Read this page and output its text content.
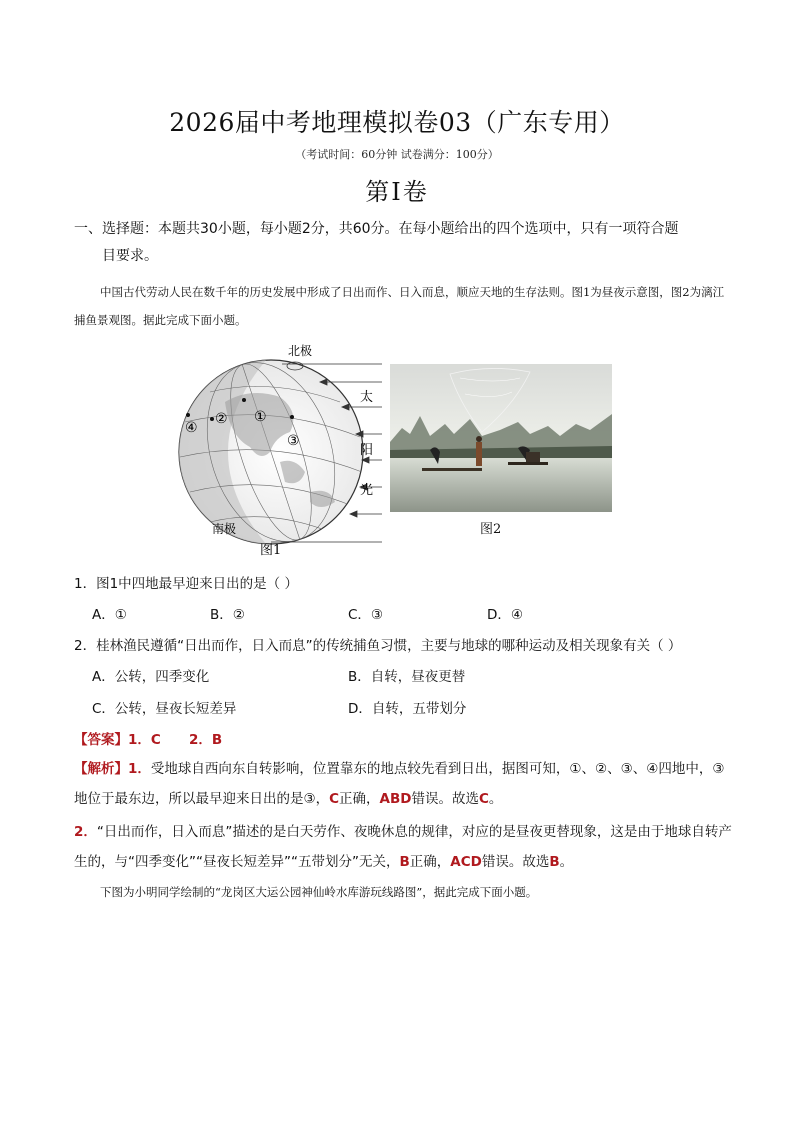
2026届中考地理模拟卷03（广东专用）
（考试时间：60分钟 试卷满分：100分）
第Ⅰ卷
一、选择题：本题共30小题，每小题2分，共60分。在每小题给出的四个选项中，只有一项符合题
目要求。
中国古代劳动人民在数千年的历史发展中形成了日出而作、日入而息，顺应天地的生存法则。图1为昼夜示意图，图2为漓江捕鱼景观图。据此完成下面小题。
太
阳
光
北极
南极
①
②
③
④
图1
图2
1．图1中四地最早迎来日出的是（ ）
A．①	B．②	C．③	D．④
2．桂林渔民遵循“日出而作，日入而息”的传统捕鱼习惯，主要与地球的哪种运动及相关现象有关（ ）
A．公转，四季变化	B．自转，昼夜更替
C．公转，昼夜长短差异	D．自转，五带划分
【答案】1．C      2．B
【解析】1．受地球自西向东自转影响，位置靠东的地点较先看到日出，据图可知，①、②、③、④四地中，③地位于最东边，所以最早迎来日出的是③，C正确，ABD错误。故选C。
2．“日出而作，日入而息”描述的是白天劳作、夜晚休息的规律，对应的是昼夜更替现象，这是由于地球自转产生的，与“四季变化”“昼夜长短差异”“五带划分”无关，B正确，ACD错误。故选B。
下图为小明同学绘制的“龙岗区大运公园神仙岭水库游玩线路图”，据此完成下面小题。
